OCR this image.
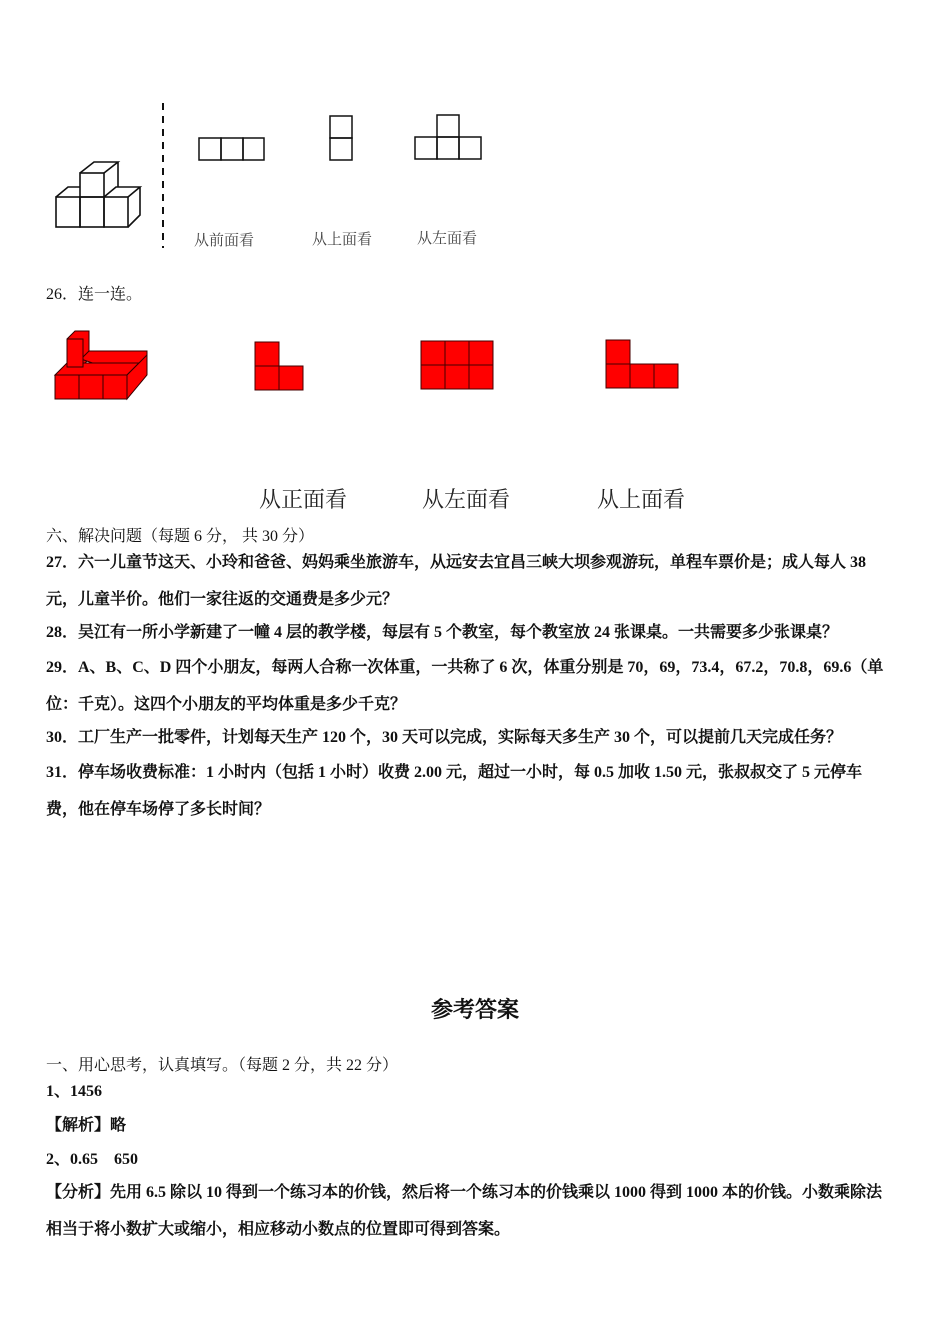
从前面看	从上面看	从左面看
26．连一连。
从正面看	从左面看	从上面看
六、解决问题（每题 6 分， 共 30 分）
27．六一儿童节这天、小玲和爸爸、妈妈乘坐旅游车，从远安去宜昌三峡大坝参观游玩，单程车票价是；成人每人 38
元，儿童半价。他们一家往返的交通费是多少元？
28．吴江有一所小学新建了一幢 4 层的教学楼，每层有 5 个教室，每个教室放 24 张课桌。一共需要多少张课桌？
29．A、B、C、D 四个小朋友，每两人合称一次体重，一共称了 6 次，体重分别是 70，69，73.4，67.2，70.8，69.6（单
位：千克）。这四个小朋友的平均体重是多少千克？
30．工厂生产一批零件，计划每天生产 120 个，30 天可以完成，实际每天多生产 30 个，可以提前几天完成任务？
31．停车场收费标准：1 小时内（包括 1 小时）收费 2.00 元，超过一小时，每 0.5 加收 1.50 元，张叔叔交了 5 元停车
费，他在停车场停了多长时间？
参考答案
一、用心思考，认真填写。（每题 2 分，共 22 分）
1、1456
【解析】略
2、0.65    650
【分析】先用 6.5 除以 10 得到一个练习本的价钱，然后将一个练习本的价钱乘以 1000 得到 1000 本的价钱。小数乘除法
相当于将小数扩大或缩小，相应移动小数点的位置即可得到答案。
